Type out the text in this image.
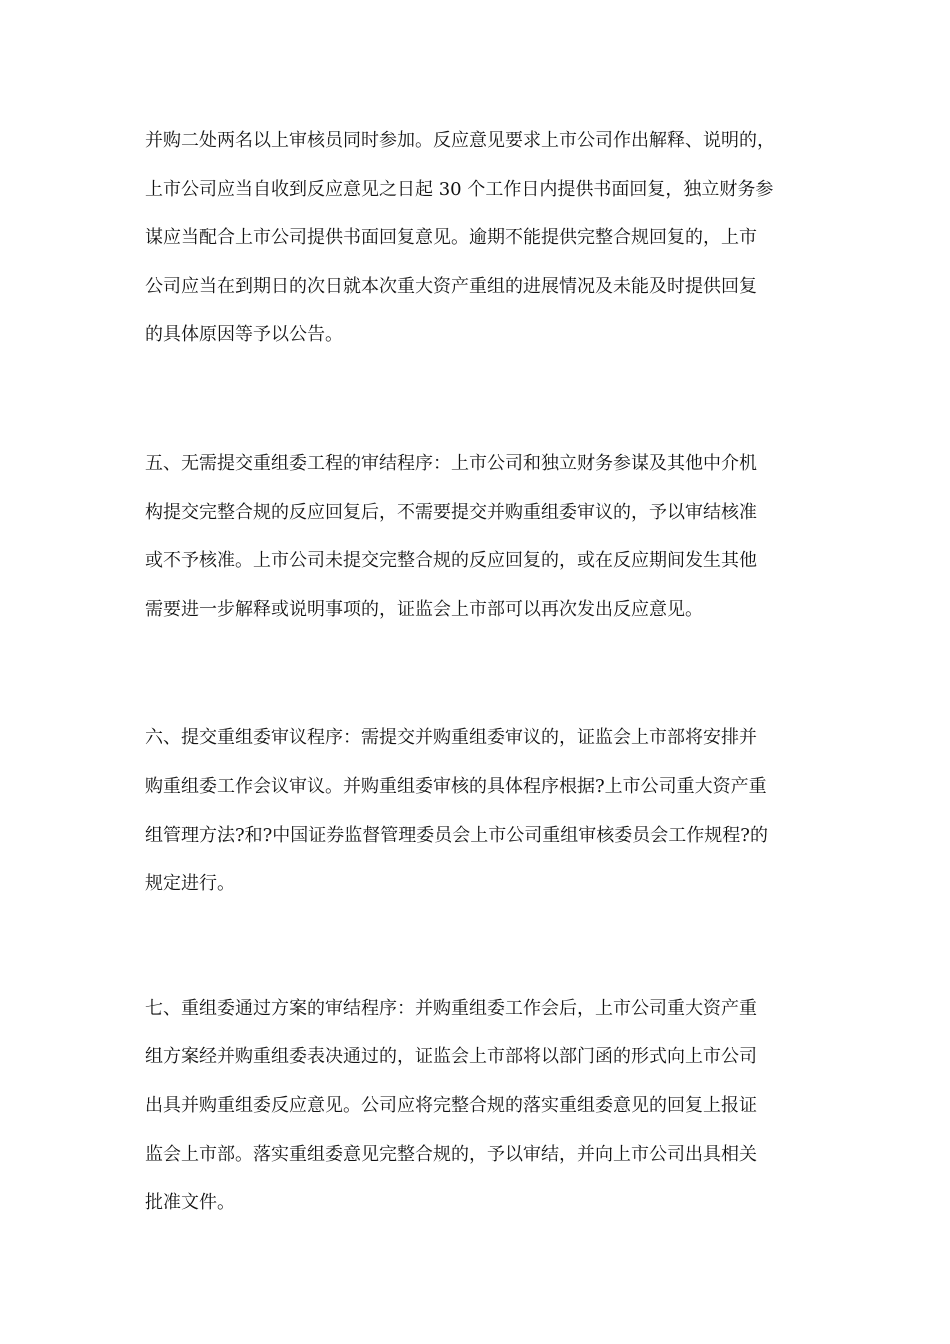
并购二处两名以上审核员同时参加。反应意见要求上市公司作出解释、说明的，
上市公司应当自收到反应意见之日起 30 个工作日内提供书面回复，独立财务参
谋应当配合上市公司提供书面回复意见。逾期不能提供完整合规回复的，上市
公司应当在到期日的次日就本次重大资产重组的进展情况及未能及时提供回复
的具体原因等予以公告。
五、无需提交重组委工程的审结程序：上市公司和独立财务参谋及其他中介机
构提交完整合规的反应回复后，不需要提交并购重组委审议的，予以审结核准
或不予核准。上市公司未提交完整合规的反应回复的，或在反应期间发生其他
需要进一步解释或说明事项的，证监会上市部可以再次发出反应意见。
六、提交重组委审议程序：需提交并购重组委审议的，证监会上市部将安排并
购重组委工作会议审议。并购重组委审核的具体程序根据?上市公司重大资产重
组管理方法?和?中国证券监督管理委员会上市公司重组审核委员会工作规程?的
规定进行。
七、重组委通过方案的审结程序：并购重组委工作会后，上市公司重大资产重
组方案经并购重组委表决通过的，证监会上市部将以部门函的形式向上市公司
出具并购重组委反应意见。公司应将完整合规的落实重组委意见的回复上报证
监会上市部。落实重组委意见完整合规的，予以审结，并向上市公司出具相关
批准文件。
